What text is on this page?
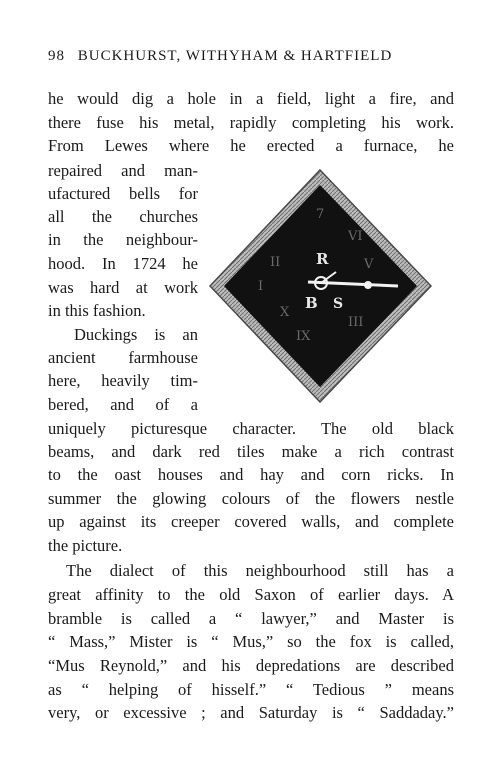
98 BUCKHURST, WITHYHAM & HARTFIELD
he would dig a hole in a field, light a fire, and
there fuse his metal, rapidly completing his work.
From Lewes where he erected a furnace, he
repaired and man-
ufactured bells for
all the churches
in the neighbour-
hood. In 1724 he
was hard at work
in this fashion.
Duckings is an
ancient farmhouse
here, heavily tim-
bered, and of a
uniquely picturesque character. The old black
beams, and dark red tiles make a rich contrast
to the oast houses and hay and corn ricks. In
summer the glowing colours of the flowers nestle
up against its creeper covered walls, and complete
the picture.
The dialect of this neighbourhood still has a
great affinity to the old Saxon of earlier days. A
bramble is called a “ lawyer,” and Master is
“ Mass,” Mister is “ Mus,” so the fox is called,
“Mus Reynold,” and his depredations are described
as “ helping of hisself.” “ Tedious ” means
very, or excessive ; and Saturday is “ Saddaday.”
7
VI
V
II
I
X
IX
III
R
B S
